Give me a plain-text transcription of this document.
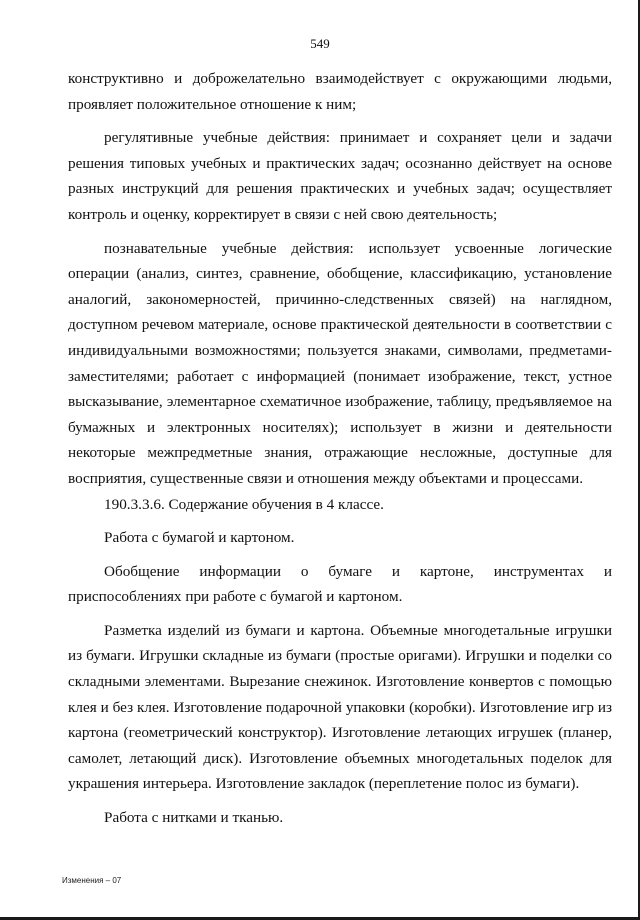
549

конструктивно и доброжелательно взаимодействует с окружающими людьми, проявляет положительное отношение к ним;

регулятивные учебные действия: принимает и сохраняет цели и задачи решения типовых учебных и практических задач; осознанно действует на основе разных инструкций для решения практических и учебных задач; осуществляет контроль и оценку, корректирует в связи с ней свою деятельность;

познавательные учебные действия: использует усвоенные логические операции (анализ, синтез, сравнение, обобщение, классификацию, установление аналогий, закономерностей, причинно-следственных связей) на наглядном, доступном речевом материале, основе практической деятельности в соответствии с индивидуальными возможностями; пользуется знаками, символами, предметами-заместителями; работает с информацией (понимает изображение, текст, устное высказывание, элементарное схематичное изображение, таблицу, предъявляемое на бумажных и электронных носителях); использует в жизни и деятельности некоторые межпредметные знания, отражающие несложные, доступные для восприятия, существенные связи и отношения между объектами и процессами.

190.3.3.6. Содержание обучения в 4 классе.

Работа с бумагой и картоном.

Обобщение информации о бумаге и картоне, инструментах и приспособлениях при работе с бумагой и картоном.

Разметка изделий из бумаги и картона. Объемные многодетальные игрушки из бумаги. Игрушки складные из бумаги (простые оригами). Игрушки и поделки со складными элементами. Вырезание снежинок. Изготовление конвертов с помощью клея и без клея. Изготовление подарочной упаковки (коробки). Изготовление игр из картона (геометрический конструктор). Изготовление летающих игрушек (планер, самолет, летающий диск). Изготовление объемных многодетальных поделок для украшения интерьера. Изготовление закладок (переплетение полос из бумаги).

Работа с нитками и тканью.

Изменения – 07
